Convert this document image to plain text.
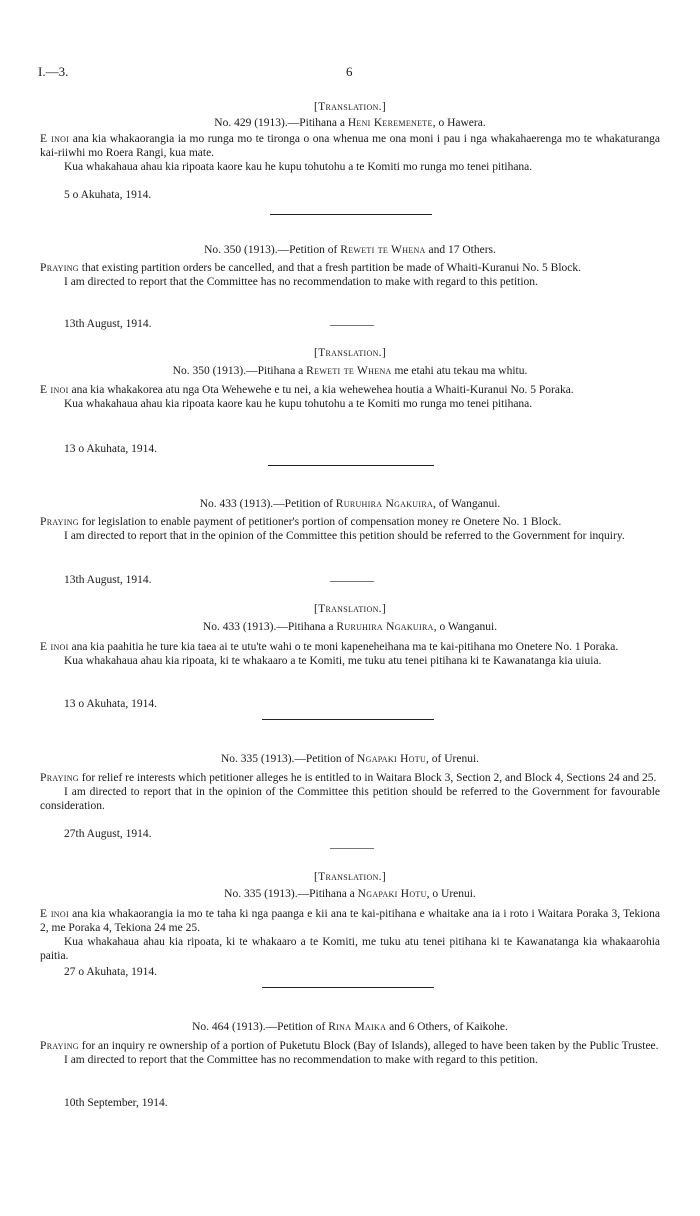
I.—3.	6
[Translation.]
No. 429 (1913).—Pitihana a Heni Keremenete, o Hawera.

E inoi ana kia whakaorangia ia mo runga mo te tironga o ona whenua me ona moni i pau i nga whakahaerenga mo te whakaturanga kai-riiwhi mo Roera Rangi, kua mate.

Kua whakahaua ahau kia ripoata kaore kau he kupu tohutohu a te Komiti mo runga mo tenei pitihana.

5 o Akuhata, 1914.
No. 350 (1913).—Petition of Reweti te Whena and 17 Others.

Praying that existing partition orders be cancelled, and that a fresh partition be made of Whaiti-Kuranui No. 5 Block.

I am directed to report that the Committee has no recommendation to make with regard to this petition.

13th August, 1914.
[Translation.]
No. 350 (1913).—Pitihana a Reweti te Whena me etahi atu tekau ma whitu.

E inoi ana kia whakakorea atu nga Ota Wehewehe e tu nei, a kia wehewehea houtia a Whaiti-Kuranui No. 5 Poraka.

Kua whakahaua ahau kia ripoata kaore kau he kupu tohutohu a te Komiti mo runga mo tenei pitihana.

13 o Akuhata, 1914.
No. 433 (1913).—Petition of Ruruhira Ngakuira, of Wanganui.

Praying for legislation to enable payment of petitioner's portion of compensation money re Onetere No. 1 Block.

I am directed to report that in the opinion of the Committee this petition should be referred to the Government for inquiry.

13th August, 1914.
[Translation.]
No. 433 (1913).—Pitihana a Ruruhira Ngakuira, o Wanganui.

E inoi ana kia paahitia he ture kia taea ai te utu'te wahi o te moni kapeneheihana ma te kai-pitihana mo Onetere No. 1 Poraka.

Kua whakahaua ahau kia ripoata, ki te whakaaro a te Komiti, me tuku atu tenei pitihana ki te Kawanatanga kia uiuia.

13 o Akuhata, 1914.
No. 335 (1913).—Petition of Ngapaki Hotu, of Urenui.

Praying for relief re interests which petitioner alleges he is entitled to in Waitara Block 3, Section 2, and Block 4, Sections 24 and 25.

I am directed to report that in the opinion of the Committee this petition should be referred to the Government for favourable consideration.

27th August, 1914.
[Translation.]
No. 335 (1913).—Pitihana a Ngapaki Hotu, o Urenui.

E inoi ana kia whakaorangia ia mo te taha ki nga paanga e kii ana te kai-pitihana e whaitake ana ia i roto i Waitara Poraka 3, Tekiona 2, me Poraka 4, Tekiona 24 me 25.

Kua whakahaua ahau kia ripoata, ki te whakaaro a te Komiti, me tuku atu tenei pitihana ki te Kawanatanga kia whakaarohia paitia.

27 o Akuhata, 1914.
No. 464 (1913).—Petition of Rina Maika and 6 Others, of Kaikohe.

Praying for an inquiry re ownership of a portion of Puketutu Block (Bay of Islands), alleged to have been taken by the Public Trustee.

I am directed to report that the Committee has no recommendation to make with regard to this petition.

10th September, 1914.
